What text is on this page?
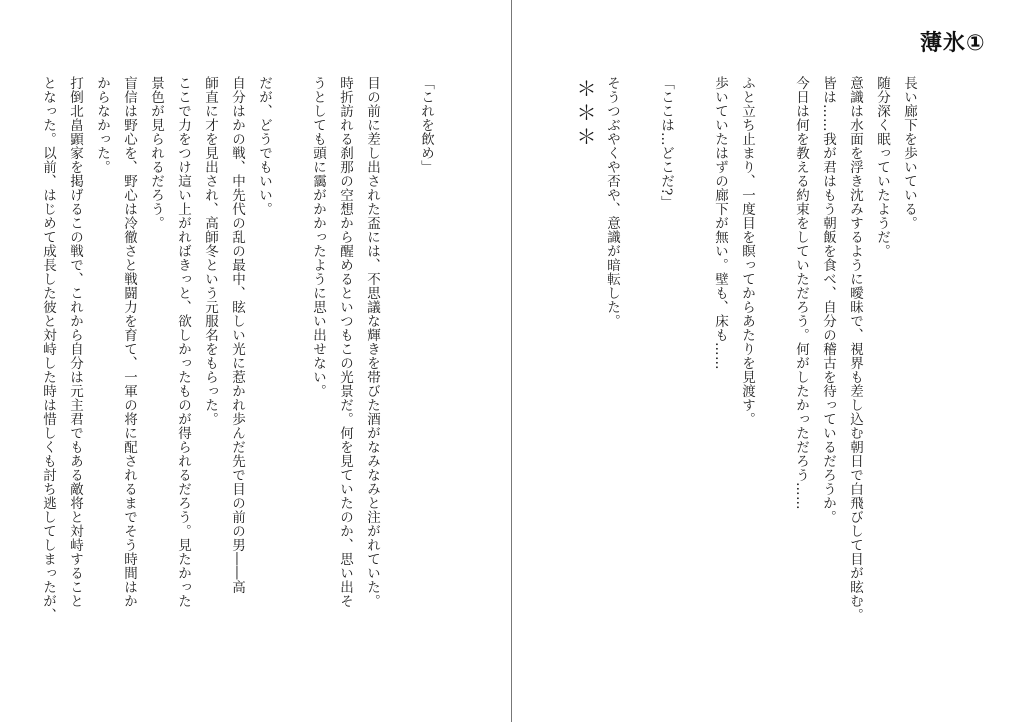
薄氷①

長い廊下を歩いている。

随分深く眠っていたようだ。

意識は水面を浮き沈みするように曖昧で、視界も差し込む朝日で白飛びして目が眩む。

皆は……我が君はもう朝飯を食べ、自分の稽古を待っているだろうか。

今日は何を教える約束をしていただろう。何がしたかっただろう……

ふと立ち止まり、一度目を瞑ってからあたりを見渡す。

歩いていたはずの廊下が無い。壁も、床も……

「ここは…どこだ?」

そうつぶやくや否や、意識が暗転した。

＊＊＊

「これを飲め」

目の前に差し出された盃には、不思議な輝きを帯びた酒がなみなみと注がれていた。

時折訪れる刹那の空想から醒めるといつもこの光景だ。何を見ていたのか、思い出そ

うとしても頭に靄がかかったように思い出せない。

だが、どうでもいい。

自分はかの戦、中先代の乱の最中、眩しい光に惹かれ歩んだ先で目の前の男――高

師直に才を見出され、高師冬という元服名をもらった。

ここで力をつけ這い上がればきっと、欲しかったものが得られるだろう。見たかった

景色が見られるだろう。

盲信は野心を、野心は冷徹さと戦闘力を育て、一軍の将に配されるまでそう時間はか

からなかった。

打倒北畠顕家を掲げるこの戦で、これから自分は元主君でもある敵将と対峙すること

となった。以前、はじめて成長した彼と対峙した時は惜しくも討ち逃してしまったが、
